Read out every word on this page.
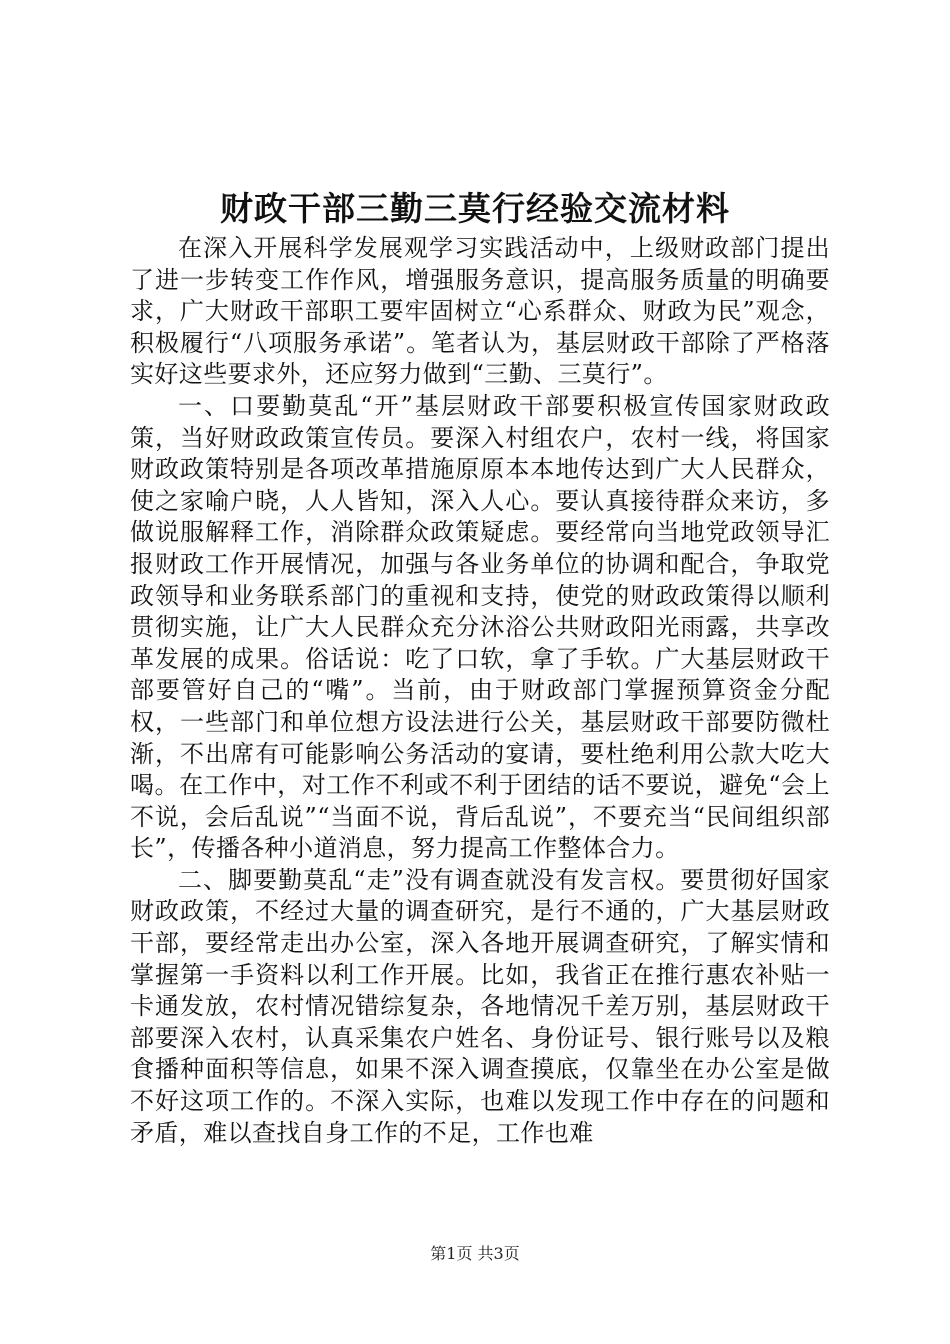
财政干部三勤三莫行经验交流材料

在深入开展科学发展观学习实践活动中，上级财政部门提出了进一步转变工作作风，增强服务意识，提高服务质量的明确要求，广大财政干部职工要牢固树立“心系群众、财政为民”观念，积极履行“八项服务承诺”。笔者认为，基层财政干部除了严格落实好这些要求外，还应努力做到“三勤、三莫行”。

一、口要勤莫乱“开”基层财政干部要积极宣传国家财政政策，当好财政政策宣传员。要深入村组农户，农村一线，将国家财政政策特别是各项改革措施原原本本地传达到广大人民群众，使之家喻户晓，人人皆知，深入人心。要认真接待群众来访，多做说服解释工作，消除群众政策疑虑。要经常向当地党政领导汇报财政工作开展情况，加强与各业务单位的协调和配合，争取党政领导和业务联系部门的重视和支持，使党的财政政策得以顺利贯彻实施，让广大人民群众充分沐浴公共财政阳光雨露，共享改革发展的成果。俗话说：吃了口软，拿了手软。广大基层财政干部要管好自己的“嘴”。当前，由于财政部门掌握预算资金分配权，一些部门和单位想方设法进行公关，基层财政干部要防微杜渐，不出席有可能影响公务活动的宴请，要杜绝利用公款大吃大喝。在工作中，对工作不利或不利于团结的话不要说，避免“会上不说，会后乱说”“当面不说，背后乱说”，不要充当“民间组织部长”，传播各种小道消息，努力提高工作整体合力。

二、脚要勤莫乱“走”没有调查就没有发言权。要贯彻好国家财政政策，不经过大量的调查研究，是行不通的，广大基层财政干部，要经常走出办公室，深入各地开展调查研究，了解实情和掌握第一手资料以利工作开展。比如，我省正在推行惠农补贴一卡通发放，农村情况错综复杂，各地情况千差万别，基层财政干部要深入农村，认真采集农户姓名、身份证号、银行账号以及粮食播种面积等信息，如果不深入调查摸底，仅靠坐在办公室是做不好这项工作的。不深入实际，也难以发现工作中存在的问题和矛盾，难以查找自身工作的不足，工作也难

第1页 共3页
